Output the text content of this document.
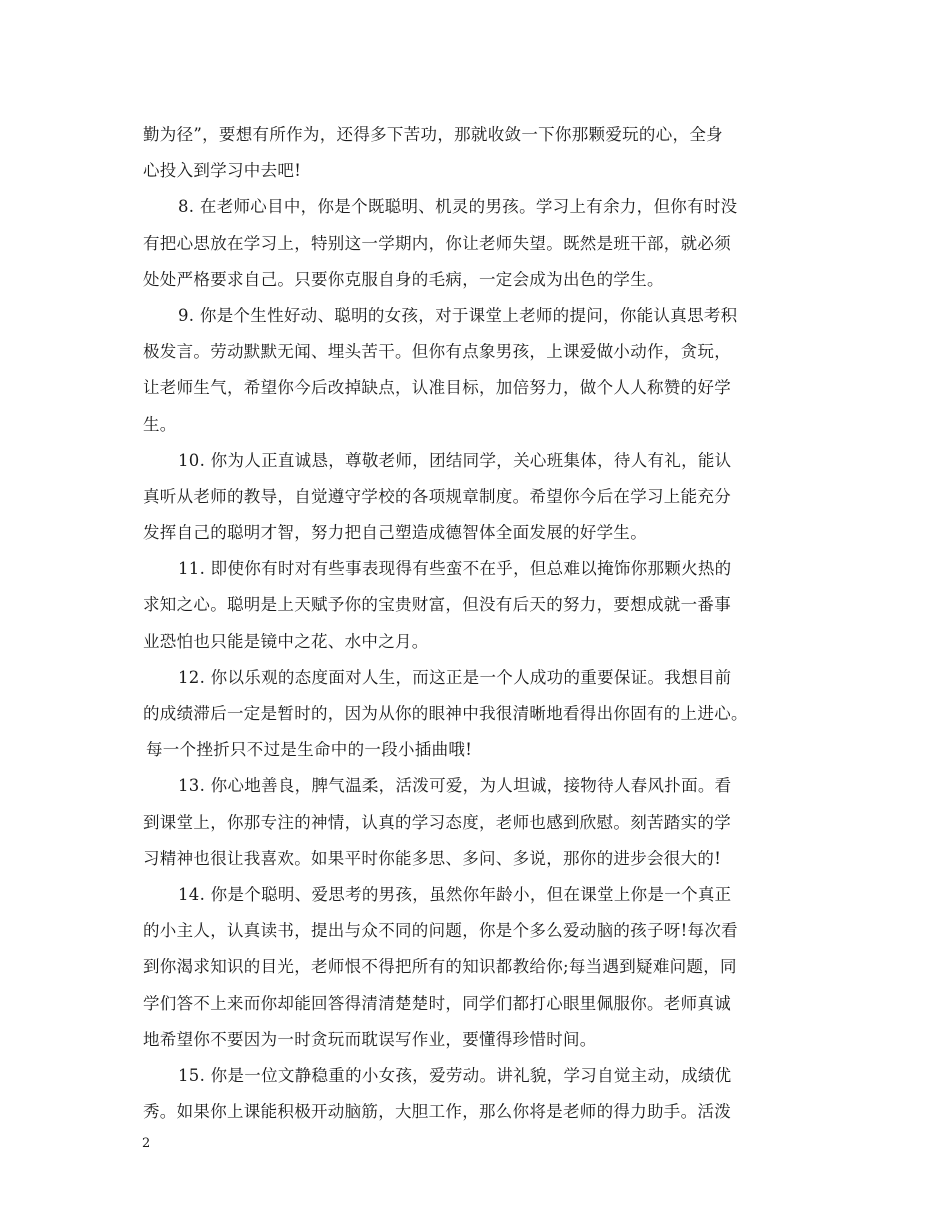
勤为径”，要想有所作为，还得多下苦功，那就收敛一下你那颗爱玩的心，全身
心投入到学习中去吧!
8. 在老师心目中，你是个既聪明、机灵的男孩。学习上有余力，但你有时没
有把心思放在学习上，特别这一学期内，你让老师失望。既然是班干部，就必须
处处严格要求自己。只要你克服自身的毛病，一定会成为出色的学生。
9. 你是个生性好动、聪明的女孩，对于课堂上老师的提问，你能认真思考积
极发言。劳动默默无闻、埋头苦干。但你有点象男孩，上课爱做小动作，贪玩，
让老师生气，希望你今后改掉缺点，认准目标，加倍努力，做个人人称赞的好学
生。
10. 你为人正直诚恳，尊敬老师，团结同学，关心班集体，待人有礼，能认
真听从老师的教导，自觉遵守学校的各项规章制度。希望你今后在学习上能充分
发挥自己的聪明才智，努力把自己塑造成德智体全面发展的好学生。
11. 即使你有时对有些事表现得有些蛮不在乎，但总难以掩饰你那颗火热的
求知之心。聪明是上天赋予你的宝贵财富，但没有后天的努力，要想成就一番事
业恐怕也只能是镜中之花、水中之月。
12. 你以乐观的态度面对人生，而这正是一个人成功的重要保证。我想目前
的成绩滞后一定是暂时的，因为从你的眼神中我很清晰地看得出你固有的上进心。
每一个挫折只不过是生命中的一段小插曲哦!
13. 你心地善良，脾气温柔，活泼可爱，为人坦诚，接物待人春风扑面。看
到课堂上，你那专注的神情，认真的学习态度，老师也感到欣慰。刻苦踏实的学
习精神也很让我喜欢。如果平时你能多思、多问、多说，那你的进步会很大的!
14. 你是个聪明、爱思考的男孩，虽然你年龄小，但在课堂上你是一个真正
的小主人，认真读书，提出与众不同的问题，你是个多么爱动脑的孩子呀!每次看
到你渴求知识的目光，老师恨不得把所有的知识都教给你;每当遇到疑难问题，同
学们答不上来而你却能回答得清清楚楚时，同学们都打心眼里佩服你。老师真诚
地希望你不要因为一时贪玩而耽误写作业，要懂得珍惜时间。
15. 你是一位文静稳重的小女孩，爱劳动。讲礼貌，学习自觉主动，成绩优
秀。如果你上课能积极开动脑筋，大胆工作，那么你将是老师的得力助手。活泼
2
